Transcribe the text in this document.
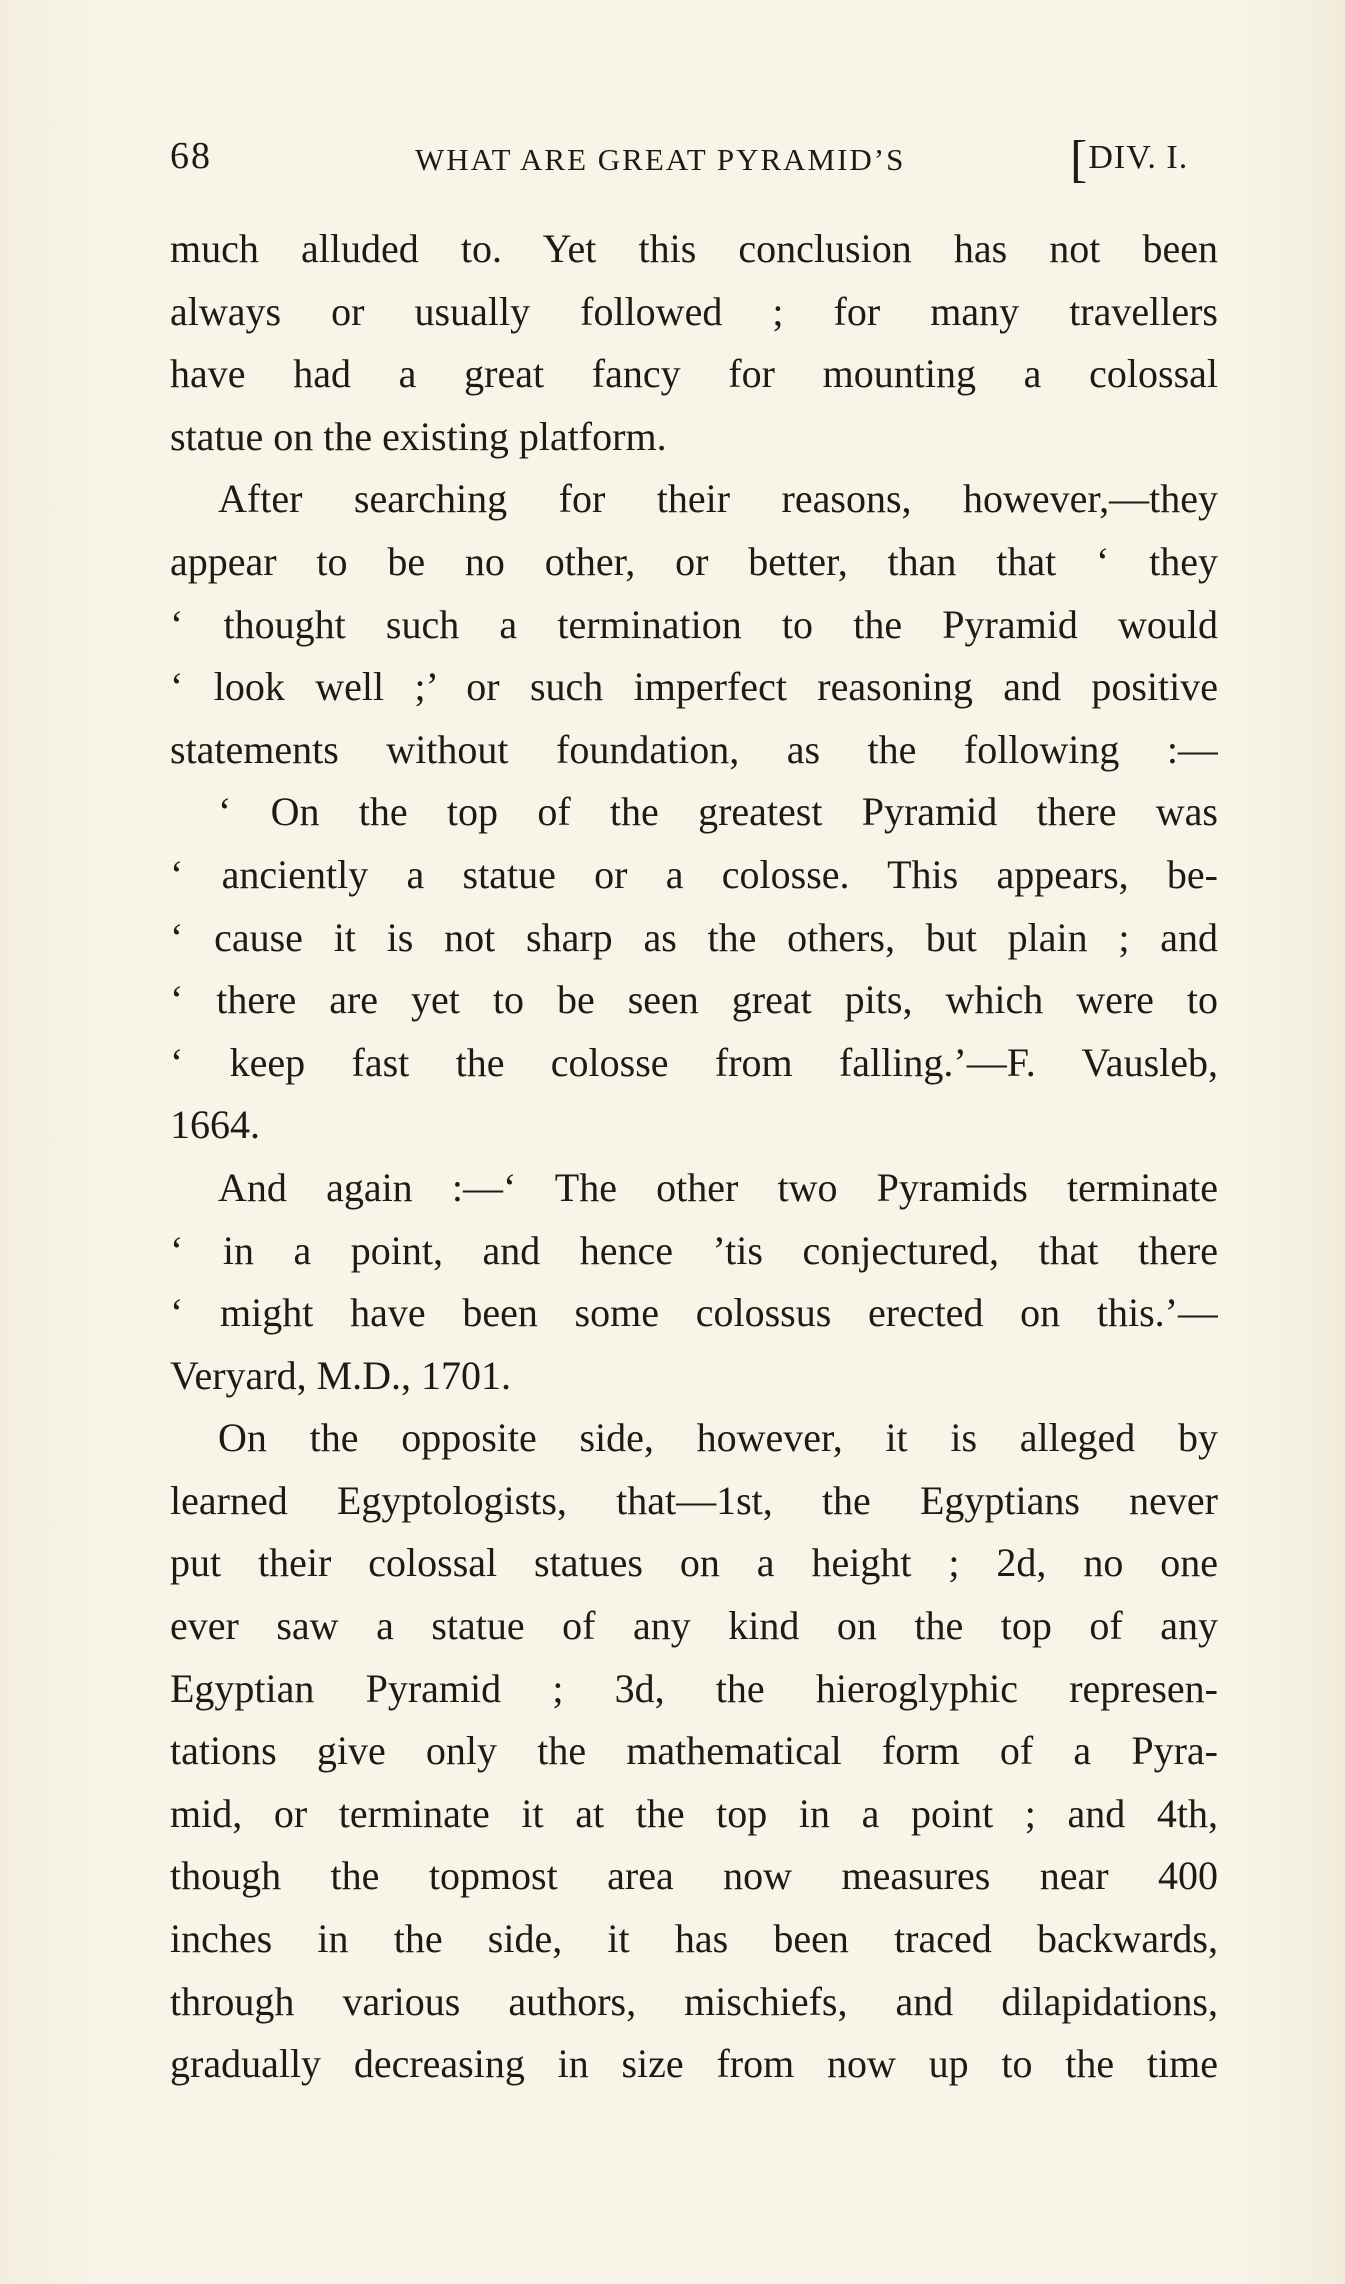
68	WHAT ARE GREAT PYRAMID’S	[DIV. I.
much alluded to. Yet this conclusion has not been
always or usually followed ; for many travellers
have had a great fancy for mounting a colossal
statue on the existing platform.
After searching for their reasons, however,—they
appear to be no other, or better, than that ‘ they
‘ thought such a termination to the Pyramid would
‘ look well ;’ or such imperfect reasoning and positive
statements without foundation, as the following :—
‘ On the top of the greatest Pyramid there was
‘ anciently a statue or a colosse. This appears, be-
‘ cause it is not sharp as the others, but plain ; and
‘ there are yet to be seen great pits, which were to
‘ keep fast the colosse from falling.’—F. Vausleb,
1664.
And again :—‘ The other two Pyramids terminate
‘ in a point, and hence ’tis conjectured, that there
‘ might have been some colossus erected on this.’—
Veryard, M.D., 1701.
On the opposite side, however, it is alleged by
learned Egyptologists, that—1st, the Egyptians never
put their colossal statues on a height ; 2d, no one
ever saw a statue of any kind on the top of any
Egyptian Pyramid ; 3d, the hieroglyphic represen-
tations give only the mathematical form of a Pyra-
mid, or terminate it at the top in a point ; and 4th,
though the topmost area now measures near 400
inches in the side, it has been traced backwards,
through various authors, mischiefs, and dilapidations,
gradually decreasing in size from now up to the time
